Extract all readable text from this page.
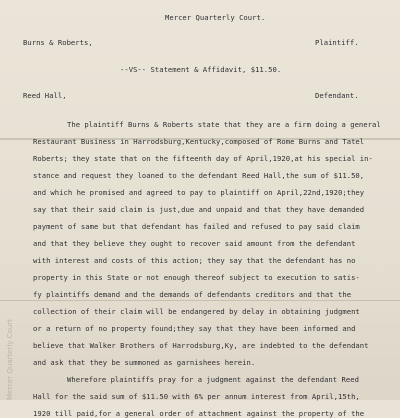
Mercer Quarterly Court
Mercer Quarterly Court.
Burns & Roberts,	Plaintiff.
--VS-- Statement & Affidavit, $11.50.
Reed Hall,	Defendant.
The plaintiff Burns & Roberts state that they are a firm doing a general
Restaurant Business in Harrodsburg,Kentucky,composed of Rome Burns and Tatel
Roberts; they state that on the fifteenth day of April,1920,at his special in-
stance and request they loaned to the defendant Reed Hall,the sum of $11.50,
and which he promised and agreed to pay to plaintiff on April,22nd,1920;they
say that their said claim is just,due and unpaid and that they have demanded
payment of same but that defendant has failed and refused to pay said claim
and that they believe they ought to recover said amount from the defendant
with interest and costs of this action; they say that the defendant has no
property in this State or not enough thereof subject to execution to satis-
fy plaintiffs demand and the demands of defendants creditors and that the
collection of their claim will be endangered by delay in obtaining judgment
or a return of no property found;they say that they have been informed and
believe that Walker Brothers of Harrodsburg,Ky, are indebted to the defendant
and ask that they be summoned as garnishees herein.
Wherefore plaintiffs pray for a judgment against the defendant Reed
Hall for the said sum of $11.50 with 6% per annum interest from April,15th,
1920 till paid,for a general order of attachment against the property of the
